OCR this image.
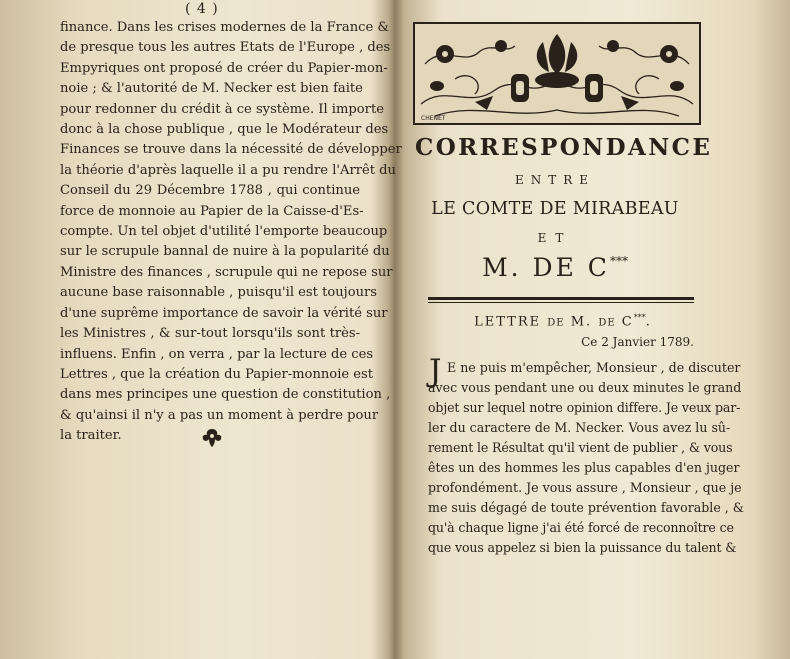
( 4 )
finance. Dans les crises modernes de la France &
de presque tous les autres Etats de l'Europe , des
Empyriques ont proposé de créer du Papier-mon-
noie ; & l'autorité de M. Necker est bien faite
pour redonner du crédit à ce système. Il importe
donc à la chose publique , que le Modérateur des
Finances se trouve dans la nécessité de développer
la théorie d'après laquelle il a pu rendre l'Arrêt du
Conseil du 29 Décembre 1788 , qui continue
force de monnoie au Papier de la Caisse-d'Es-
compte. Un tel objet d'utilité l'emporte beaucoup
sur le scrupule bannal de nuire à la popularité du
Ministre des finances , scrupule qui ne repose sur
aucune base raisonnable , puisqu'il est toujours
d'une suprême importance de savoir la vérité sur
les Ministres , & sur-tout lorsqu'ils sont très-
influens. Enfin , on verra , par la lecture de ces
Lettres , que la création du Papier-monnoie est
dans mes principes une question de constitution ,
& qu'ainsi il n'y a pas un moment à perdre pour
la traiter.
CHENET
CORRESPONDANCE
ENTRE
LE COMTE DE MIRABEAU
ET
M. DE C***
LETTRE DE M. DE C***.
Ce 2 Janvier 1789.
J E ne puis m'empêcher, Monsieur , de discuter
avec vous pendant une ou deux minutes le grand
objet sur lequel notre opinion differe. Je veux par-
ler du caractere de M. Necker. Vous avez lu sû-
rement le Résultat qu'il vient de publier , & vous
êtes un des hommes les plus capables d'en juger
profondément. Je vous assure , Monsieur , que je
me suis dégagé de toute prévention favorable , &
qu'à chaque ligne j'ai été forcé de reconnoître ce
que vous appelez si bien la puissance du talent &
